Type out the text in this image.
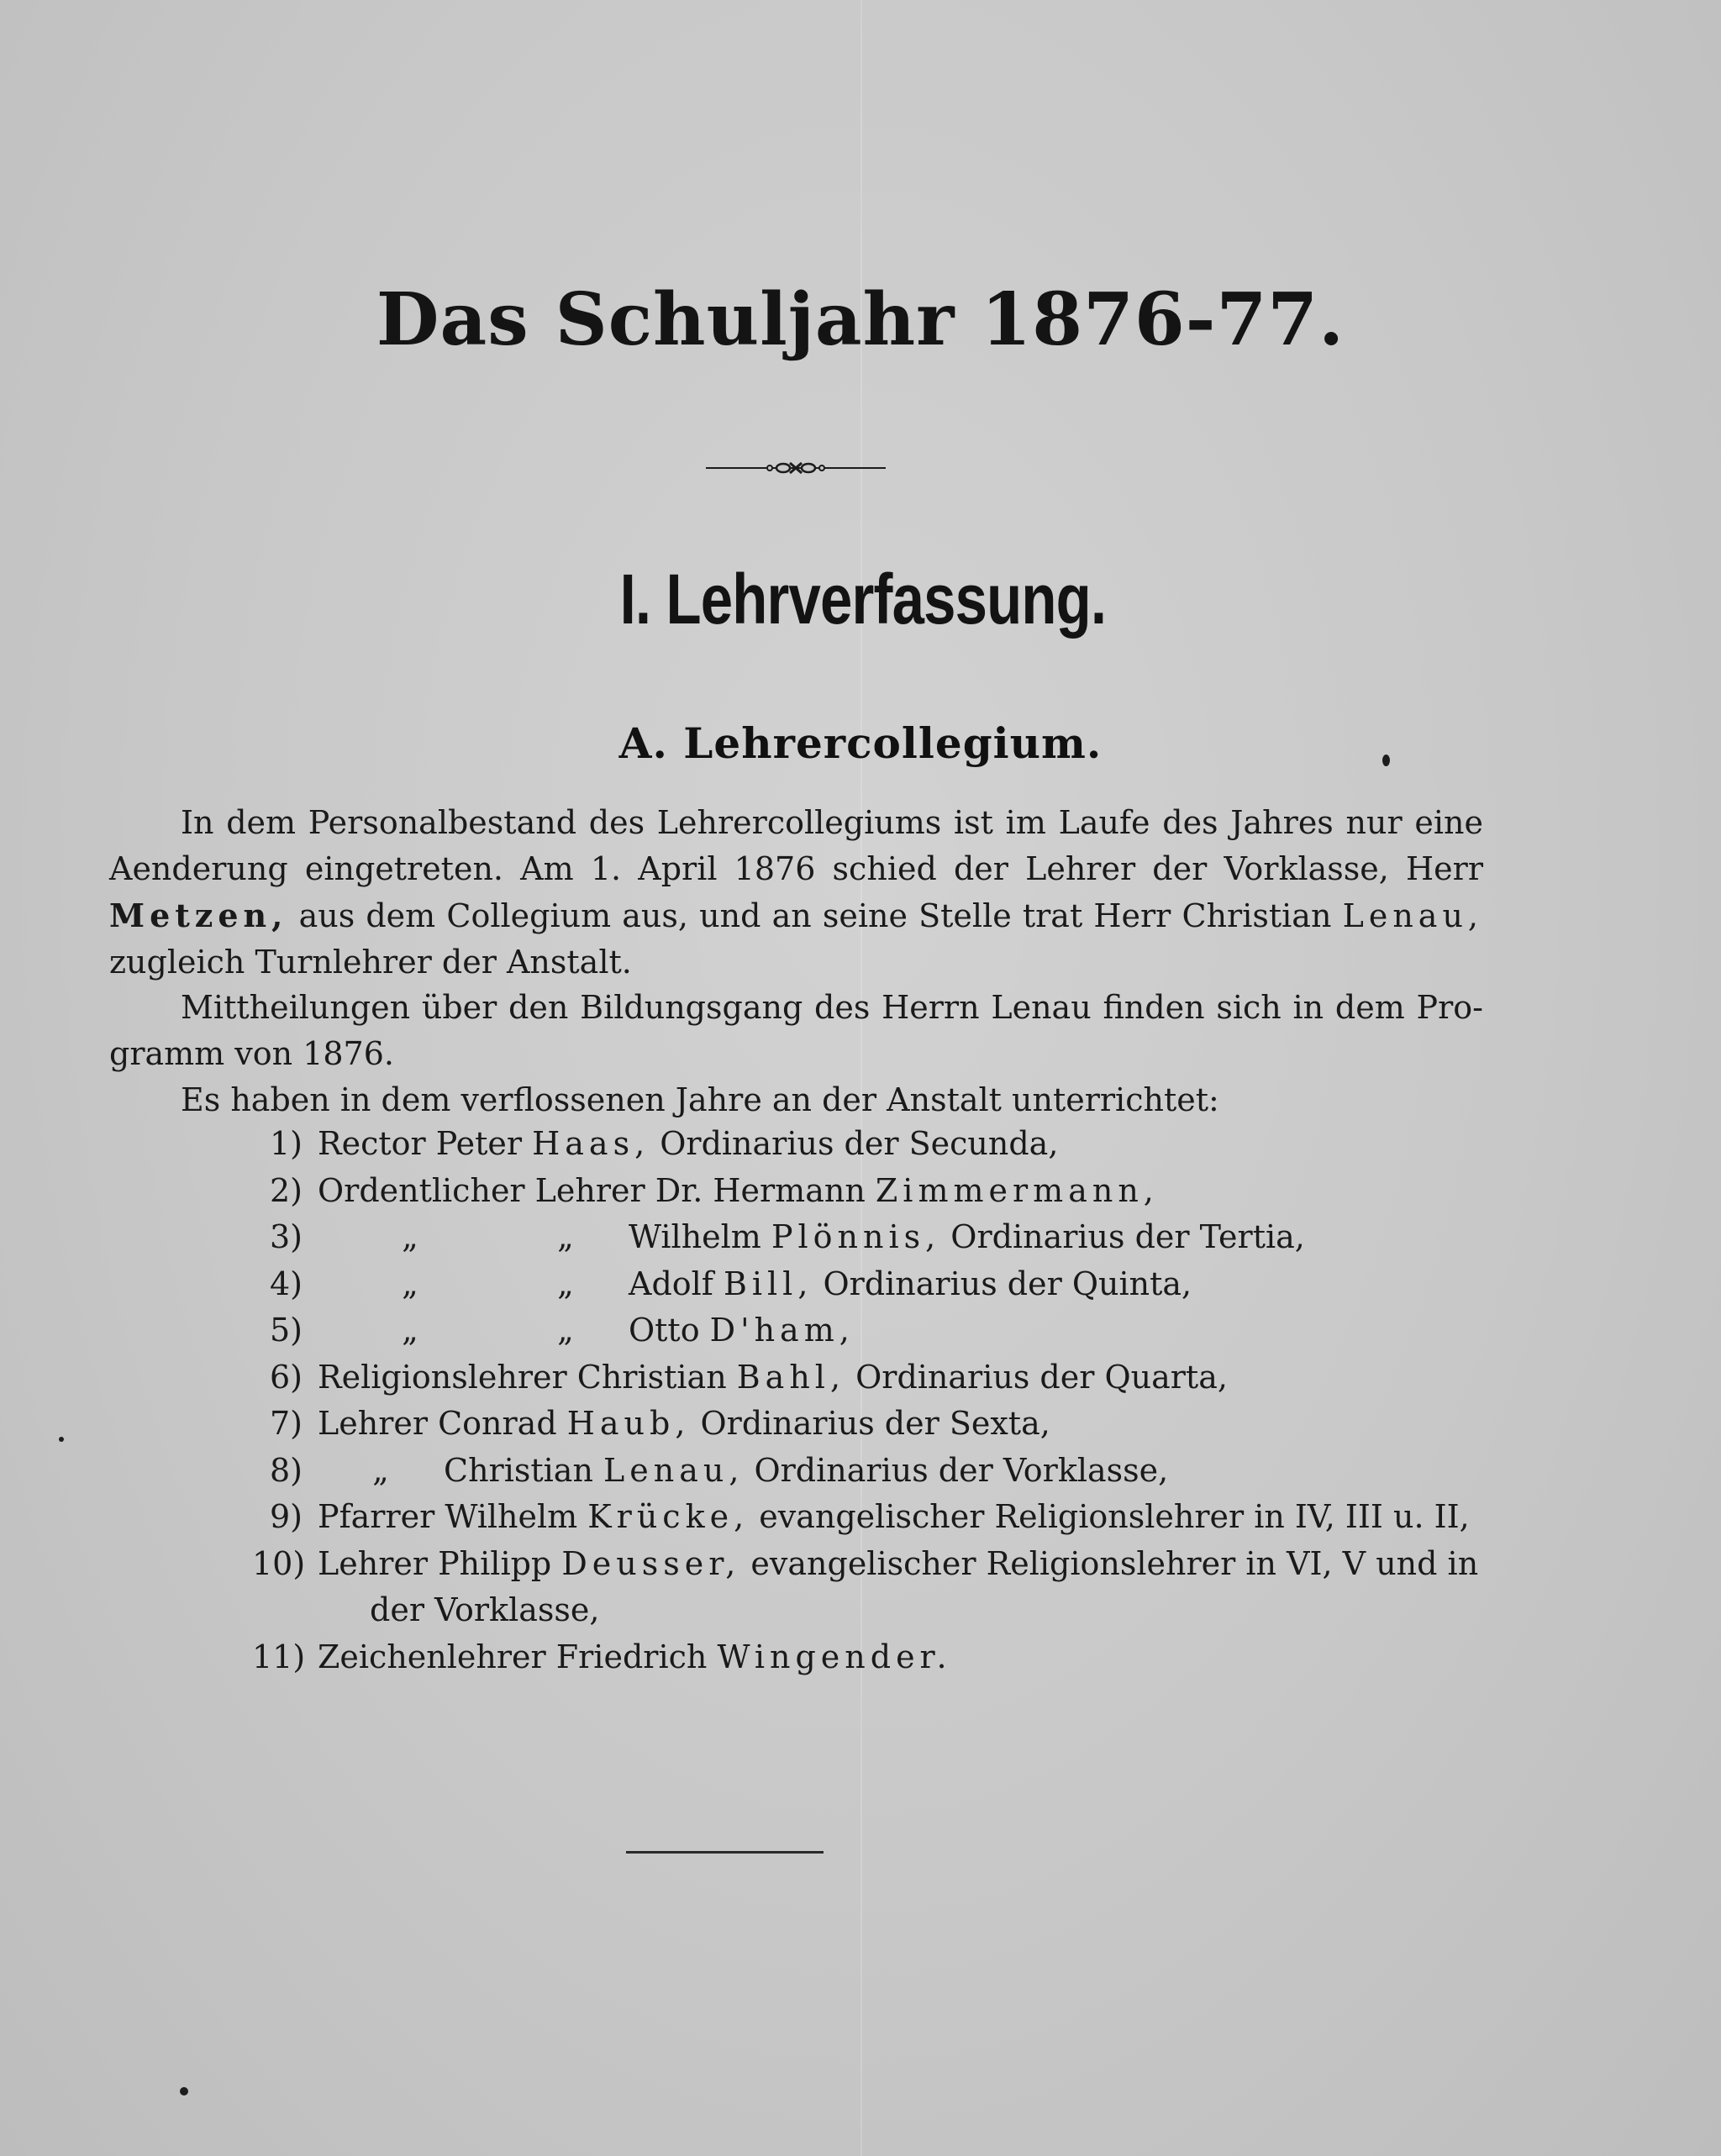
Das Schuljahr 1876-77.
I. Lehrverfassung.
A. Lehrercollegium.
In dem Personalbestand des Lehrercollegiums ist im Laufe des Jahres nur eine
Aenderung eingetreten. Am 1. April 1876 schied der Lehrer der Vorklasse, Herr
Metzen, aus dem Collegium aus, und an seine Stelle trat Herr Christian Lenau,
zugleich Turnlehrer der Anstalt.
Mittheilungen über den Bildungsgang des Herrn Lenau finden sich in dem Pro-
gramm von 1876.
Es haben in dem verflossenen Jahre an der Anstalt unterrichtet:
1) Rector Peter Haas, Ordinarius der Secunda,
2) Ordentlicher Lehrer Dr. Hermann Zimmermann,
3)	„	„ Wilhelm Plönnis, Ordinarius der Tertia,
4)	„	„ Adolf Bill, Ordinarius der Quinta,
5)	„	„ Otto D'ham,
6) Religionslehrer Christian Bahl, Ordinarius der Quarta,
7) Lehrer Conrad Haub, Ordinarius der Sexta,
8)	„ Christian Lenau, Ordinarius der Vorklasse,
9) Pfarrer Wilhelm Krücke, evangelischer Religionslehrer in IV, III u. II,
10) Lehrer Philipp Deusser, evangelischer Religionslehrer in VI, V und in
der Vorklasse,
11) Zeichenlehrer Friedrich Wingender.
